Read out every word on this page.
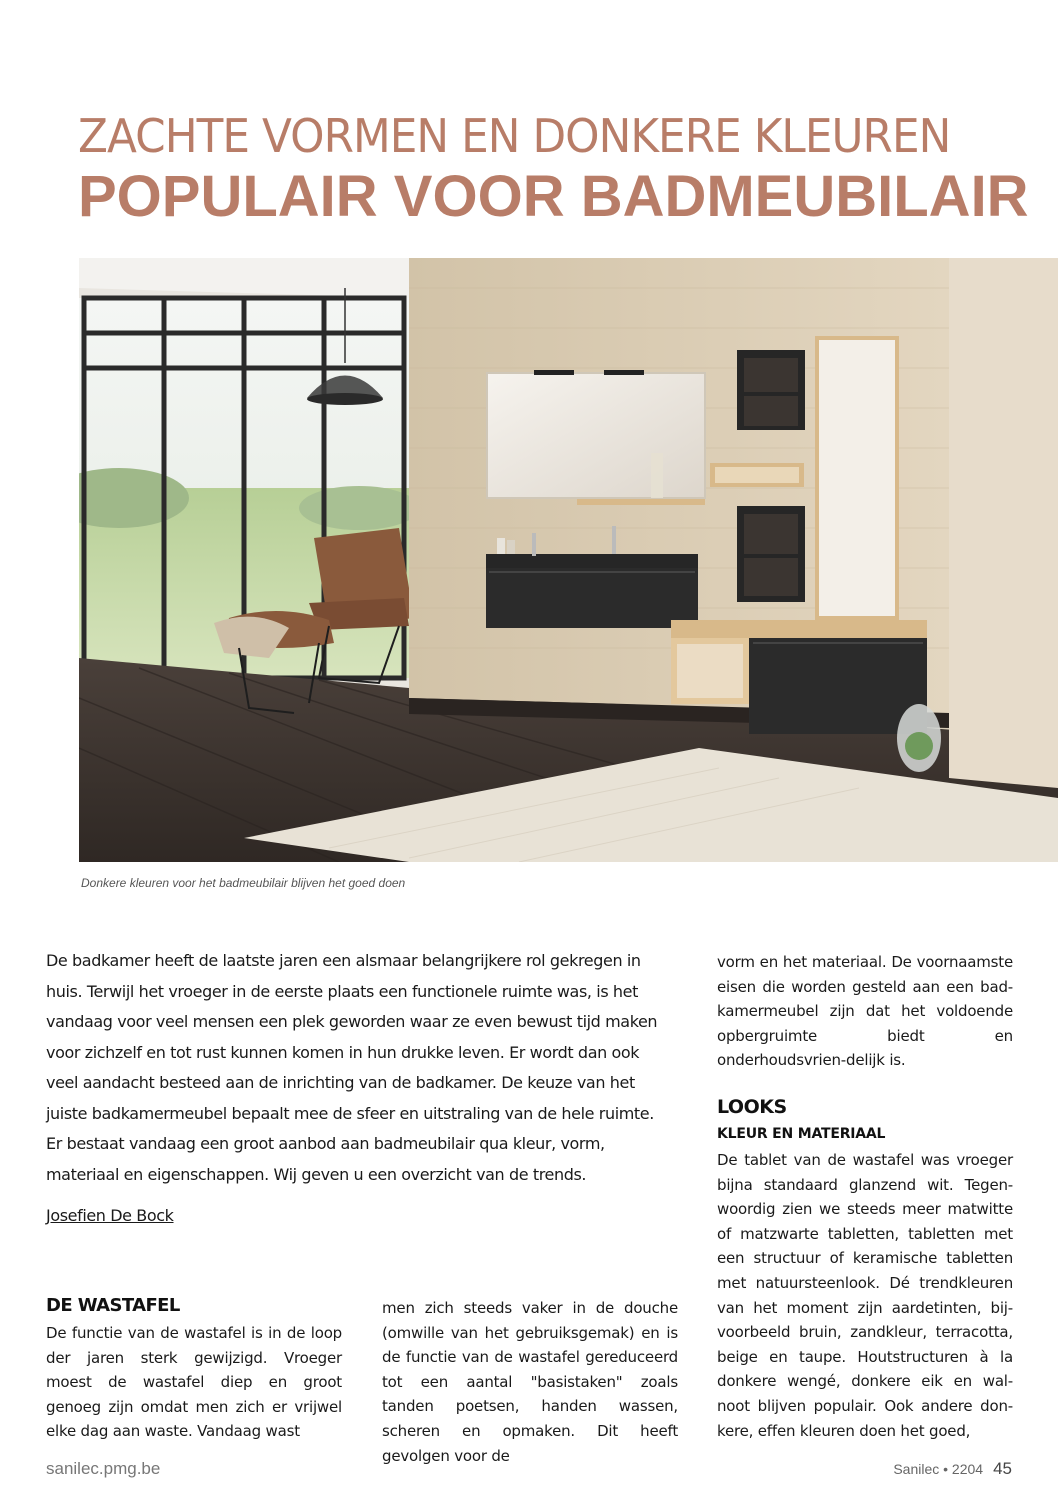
ZACHTE VORMEN EN DONKERE KLEUREN
POPULAIR VOOR BADMEUBILAIR
Donkere kleuren voor het badmeubilair blijven het goed doen

De badkamer heeft de laatste jaren een alsmaar belangrijkere rol gekregen in huis. Terwijl het vroeger in de eerste plaats een functionele ruimte was, is het vandaag voor veel mensen een plek geworden waar ze even bewust tijd maken voor zichzelf en tot rust kunnen komen in hun drukke leven. Er wordt dan ook veel aandacht besteed aan de inrichting van de badkamer. De keuze van het juiste badkamermeubel bepaalt mee de sfeer en uitstraling van de hele ruimte. Er bestaat vandaag een groot aanbod aan badmeubilair qua kleur, vorm, materiaal en eigenschappen. Wij geven u een overzicht van de trends.

Josefien De Bock
DE WASTAFEL

De functie van de wastafel is in de loop der jaren sterk gewijzigd. Vroeger moest de wastafel diep en groot genoeg zijn omdat men zich er vrijwel elke dag aan waste. Vandaag wast

men zich steeds vaker in de douche (omwille van het gebruiksgemak) en is de functie van de wastafel gereduceerd tot een aantal "basistaken" zoals tanden poetsen, handen wassen, scheren en opmaken. Dit heeft gevolgen voor de

vorm en het materiaal. De voornaamste eisen die worden gesteld aan een bad-kamermeubel zijn dat het voldoende opbergruimte biedt en onderhoudsvrien-delijk is.

LOOKS
KLEUR EN MATERIAAL

De tablet van de wastafel was vroeger bijna standaard glanzend wit. Tegen-woordig zien we steeds meer matwitte of matzwarte tabletten, tabletten met een structuur of keramische tabletten met natuursteenlook. Dé trendkleuren van het moment zijn aardetinten, bij-voorbeeld bruin, zandkleur, terracotta, beige en taupe. Houtstructuren à la donkere wengé, donkere eik en wal-noot blijven populair. Ook andere don-kere, effen kleuren doen het goed,

sanilec.pmg.be	Sanilec • 2204 45
